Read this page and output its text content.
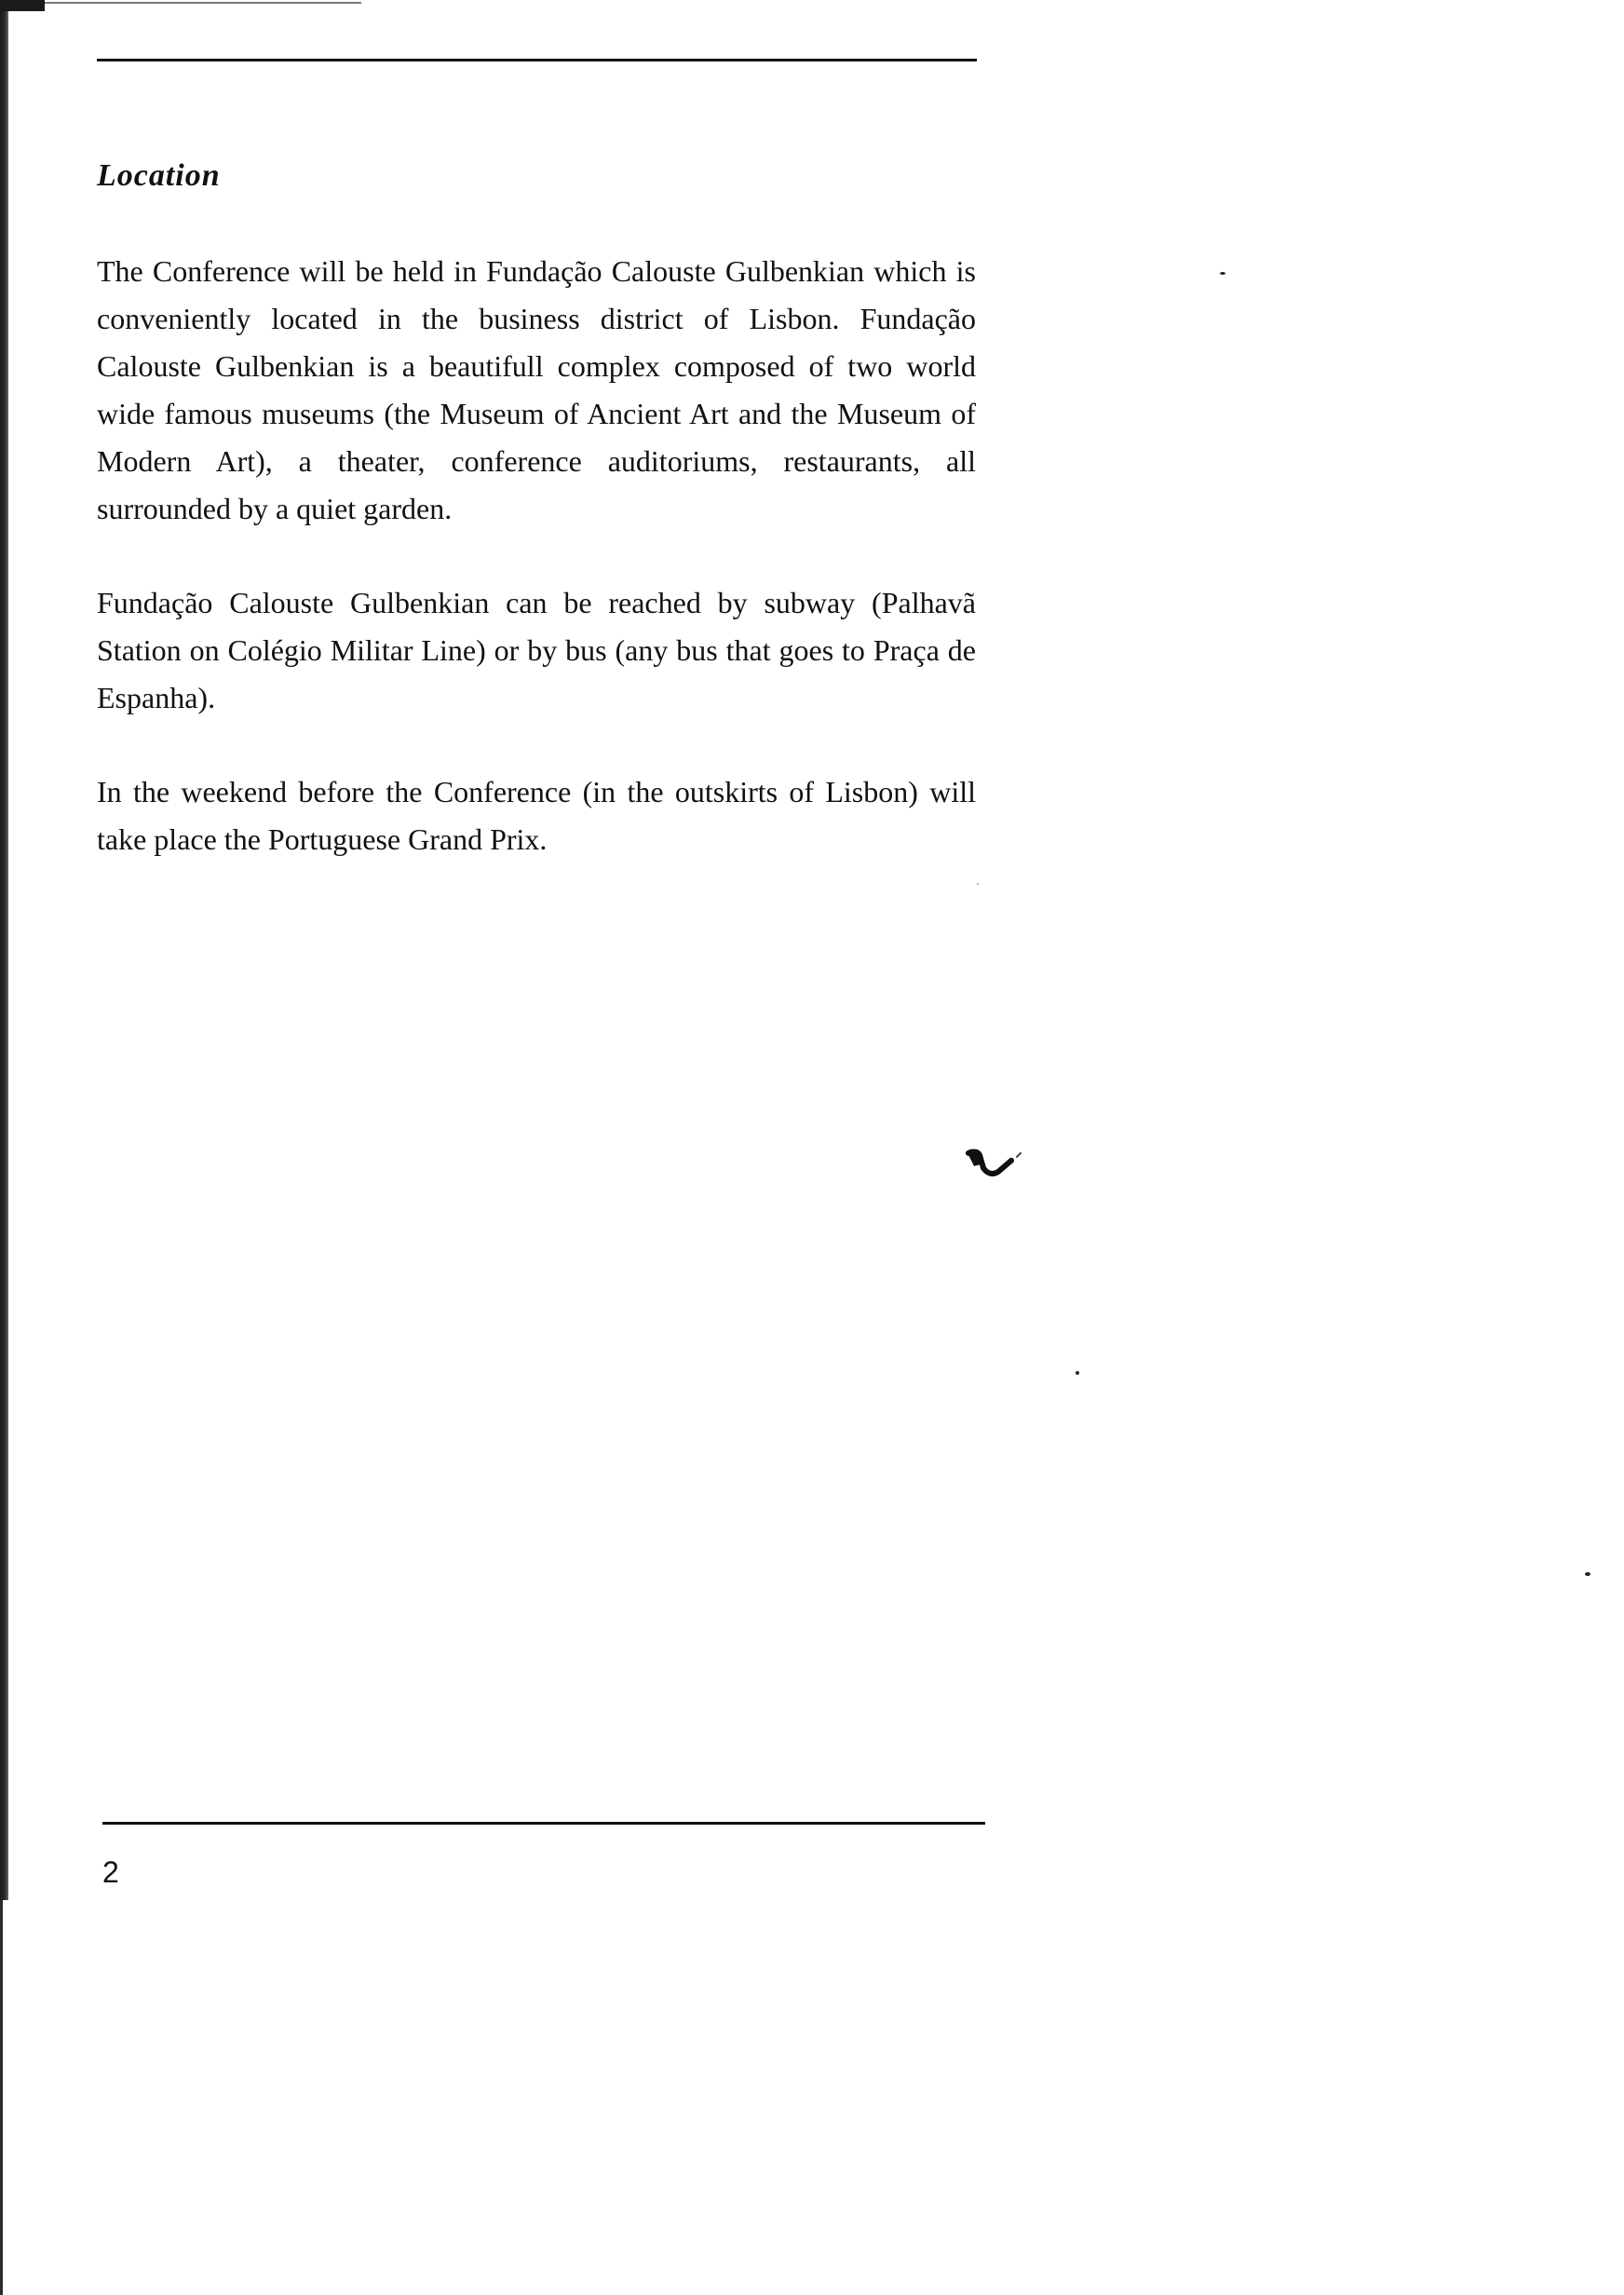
Location

The Conference will be held in Fundação Calouste Gulbenkian which is conveniently located in the business district of Lisbon. Fundação Calouste Gulbenkian is a beautifull complex composed of two world wide famous museums (the Museum of Ancient Art and the Museum of Modern Art), a theater, conference auditoriums, restaurants, all surrounded by a quiet garden.

Fundação Calouste Gulbenkian can be reached by subway (Palhavã Station on Colégio Militar Line) or by bus (any bus that goes to Praça de Espanha).

In the weekend before the Conference (in the outskirts of Lisbon) will take place the Portuguese Grand Prix.

2
